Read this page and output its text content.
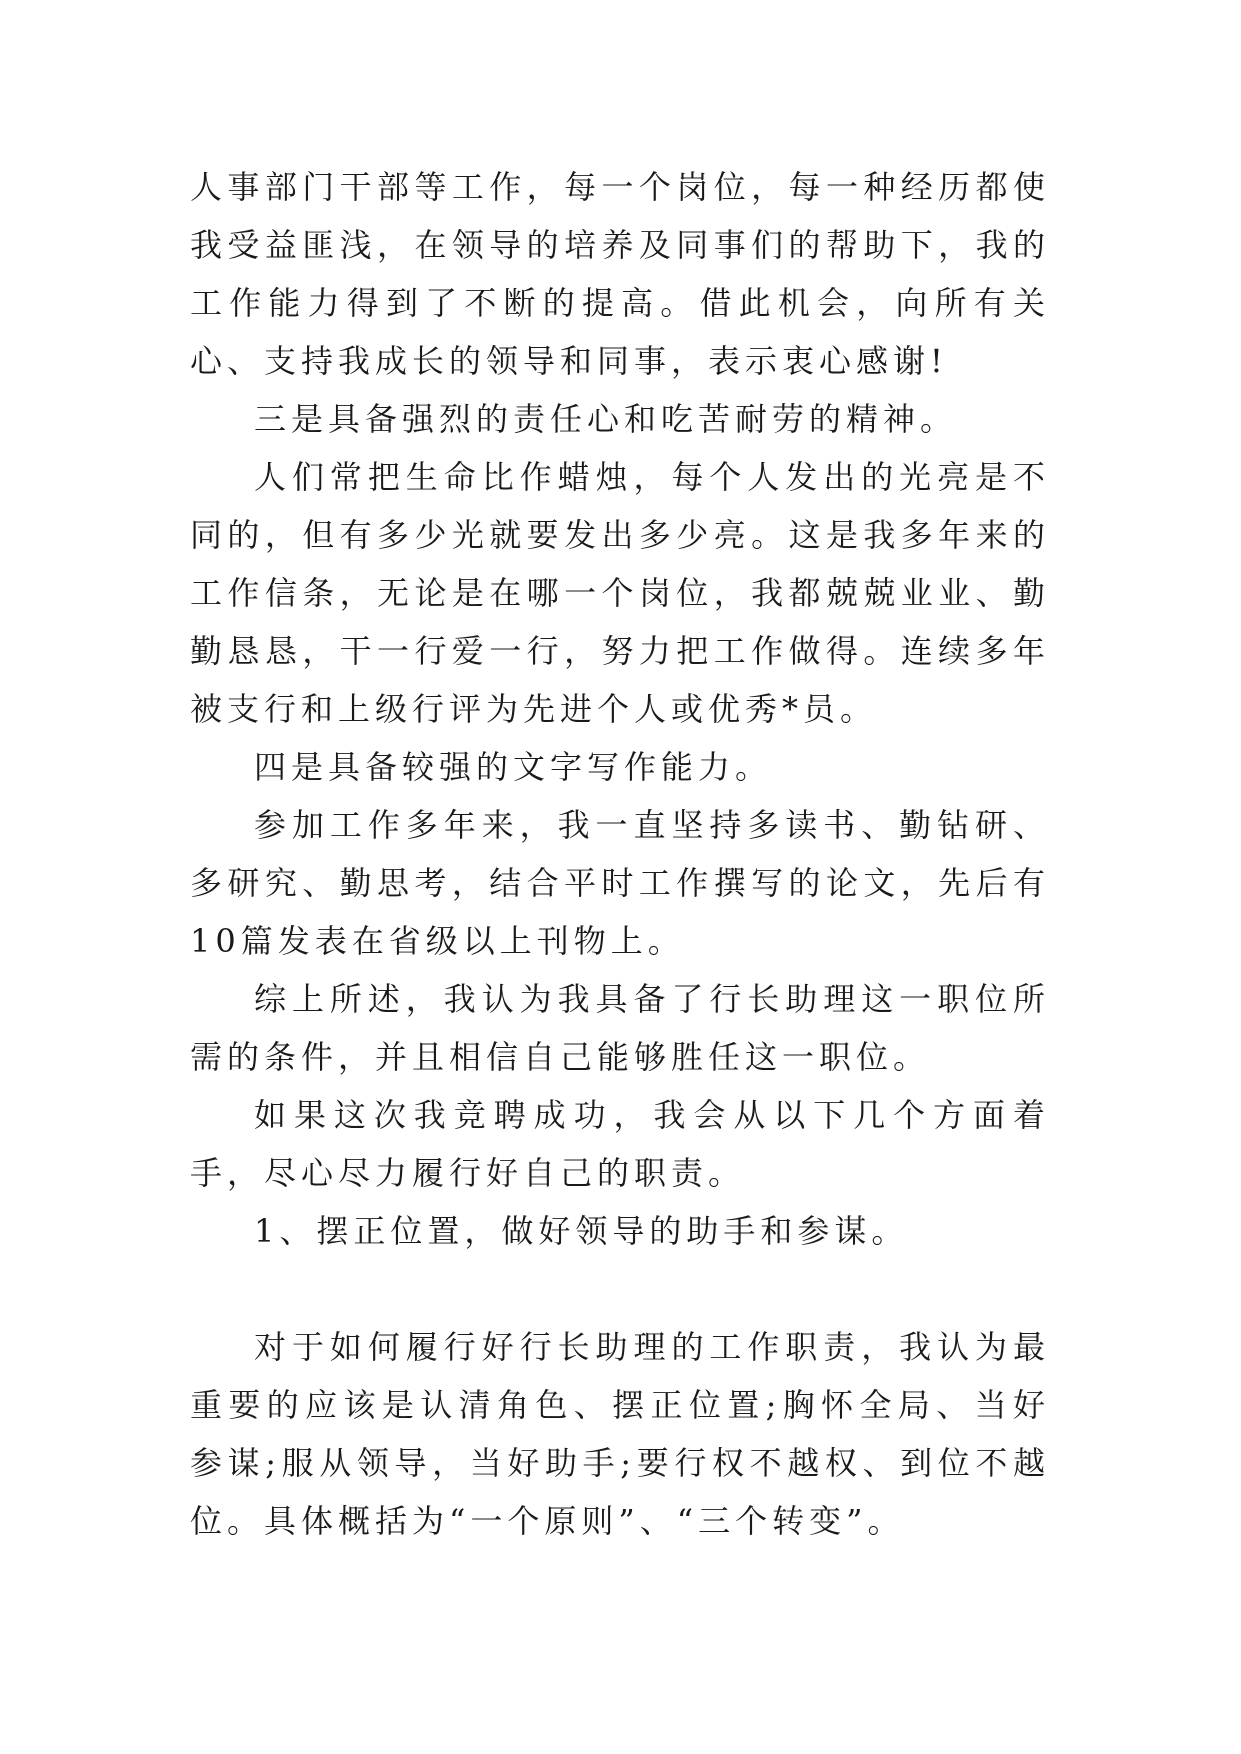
人事部门干部等工作，每一个岗位，每一种经历都使我受益匪浅，在领导的培养及同事们的帮助下，我的工作能力得到了不断的提高。借此机会，向所有关心、支持我成长的领导和同事，表示衷心感谢!

三是具备强烈的责任心和吃苦耐劳的精神。

人们常把生命比作蜡烛，每个人发出的光亮是不同的，但有多少光就要发出多少亮。这是我多年来的工作信条，无论是在哪一个岗位，我都兢兢业业、勤勤恳恳，干一行爱一行，努力把工作做得。连续多年被支行和上级行评为先进个人或优秀*员。

四是具备较强的文字写作能力。

参加工作多年来，我一直坚持多读书、勤钻研、多研究、勤思考，结合平时工作撰写的论文，先后有10篇发表在省级以上刊物上。

综上所述，我认为我具备了行长助理这一职位所需的条件，并且相信自己能够胜任这一职位。

如果这次我竞聘成功，我会从以下几个方面着手，尽心尽力履行好自己的职责。

1、摆正位置，做好领导的助手和参谋。

对于如何履行好行长助理的工作职责，我认为最重要的应该是认清角色、摆正位置;胸怀全局、当好参谋;服从领导，当好助手;要行权不越权、到位不越位。具体概括为“一个原则”、“三个转变”。
